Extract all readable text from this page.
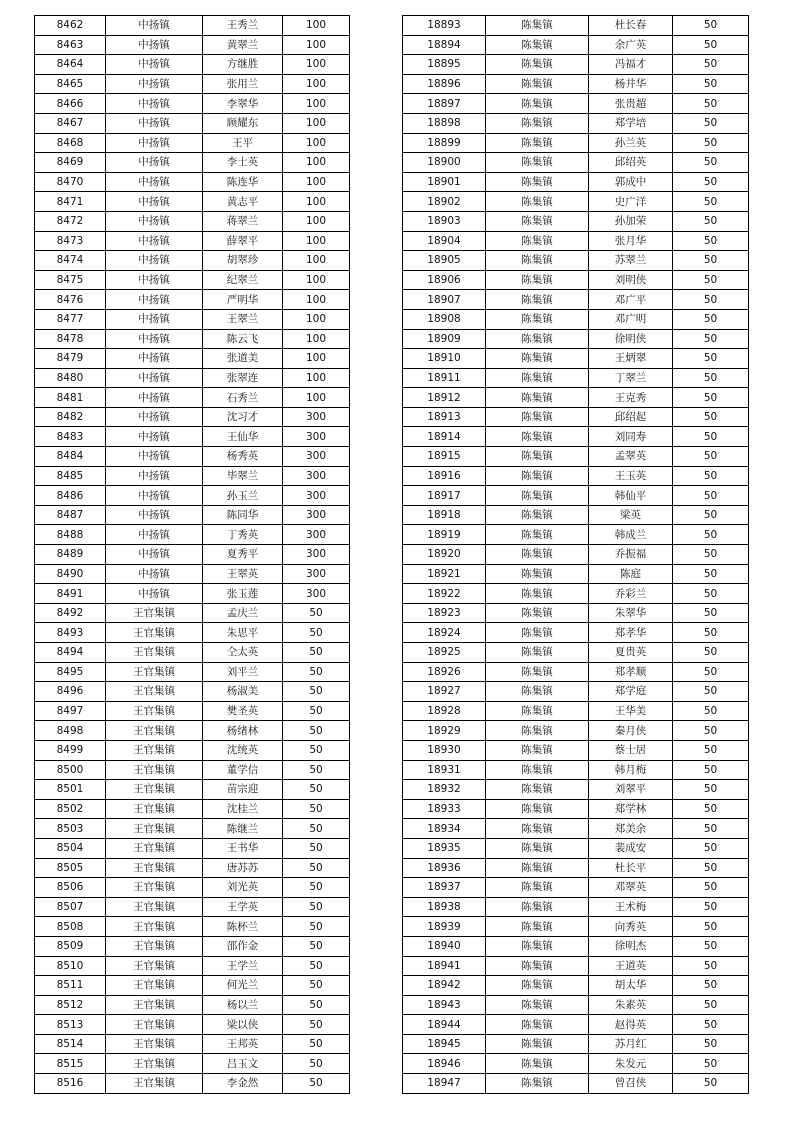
8462	中扬镇	王秀兰	100
8463	中扬镇	黄翠兰	100
8464	中扬镇	方继胜	100
8465	中扬镇	张用兰	100
8466	中扬镇	李翠华	100
8467	中扬镇	顾耀东	100
8468	中扬镇	王平	100
8469	中扬镇	李士英	100
8470	中扬镇	陈连华	100
8471	中扬镇	黄志平	100
8472	中扬镇	蒋翠兰	100
8473	中扬镇	薛翠平	100
8474	中扬镇	胡翠珍	100
8475	中扬镇	纪翠兰	100
8476	中扬镇	严明华	100
8477	中扬镇	王翠兰	100
8478	中扬镇	陈云飞	100
8479	中扬镇	张道美	100
8480	中扬镇	张翠连	100
8481	中扬镇	石秀兰	100
8482	中扬镇	沈习才	300
8483	中扬镇	王仙华	300
8484	中扬镇	杨秀英	300
8485	中扬镇	毕翠兰	300
8486	中扬镇	孙玉兰	300
8487	中扬镇	陈同华	300
8488	中扬镇	丁秀英	300
8489	中扬镇	夏秀平	300
8490	中扬镇	王翠英	300
8491	中扬镇	张玉莲	300
8492	王官集镇	孟庆兰	50
8493	王官集镇	朱思平	50
8494	王官集镇	仝太英	50
8495	王官集镇	刘平兰	50
8496	王官集镇	杨淑美	50
8497	王官集镇	樊圣英	50
8498	王官集镇	杨绪林	50
8499	王官集镇	沈统英	50
8500	王官集镇	董学信	50
8501	王官集镇	苗宗迎	50
8502	王官集镇	沈桂兰	50
8503	王官集镇	陈继兰	50
8504	王官集镇	王书华	50
8505	王官集镇	唐苏苏	50
8506	王官集镇	刘光英	50
8507	王官集镇	王学英	50
8508	王官集镇	陈杯兰	50
8509	王官集镇	邵作金	50
8510	王官集镇	王学兰	50
8511	王官集镇	何光兰	50
8512	王官集镇	杨以兰	50
8513	王官集镇	梁以侠	50
8514	王官集镇	王邦英	50
8515	王官集镇	吕玉文	50
8516	王官集镇	李金然	50
18893	陈集镇	杜长春	50
18894	陈集镇	余广英	50
18895	陈集镇	冯福才	50
18896	陈集镇	杨井华	50
18897	陈集镇	张贵超	50
18898	陈集镇	郑学培	50
18899	陈集镇	孙兰英	50
18900	陈集镇	邱绍英	50
18901	陈集镇	郭成中	50
18902	陈集镇	史广洋	50
18903	陈集镇	孙加荣	50
18904	陈集镇	张月华	50
18905	陈集镇	苏翠兰	50
18906	陈集镇	刘明侠	50
18907	陈集镇	邓广平	50
18908	陈集镇	邓广明	50
18909	陈集镇	徐明侠	50
18910	陈集镇	王炳翠	50
18911	陈集镇	丁翠兰	50
18912	陈集镇	王克秀	50
18913	陈集镇	邱绍起	50
18914	陈集镇	刘同寿	50
18915	陈集镇	孟翠英	50
18916	陈集镇	王玉英	50
18917	陈集镇	韩仙平	50
18918	陈集镇	梁英	50
18919	陈集镇	韩成兰	50
18920	陈集镇	乔振福	50
18921	陈集镇	陈庭	50
18922	陈集镇	乔彩兰	50
18923	陈集镇	朱翠华	50
18924	陈集镇	郑孝华	50
18925	陈集镇	夏贵英	50
18926	陈集镇	郑孝顺	50
18927	陈集镇	郑学庭	50
18928	陈集镇	王华美	50
18929	陈集镇	秦月侠	50
18930	陈集镇	蔡士居	50
18931	陈集镇	韩月梅	50
18932	陈集镇	刘翠平	50
18933	陈集镇	郑学林	50
18934	陈集镇	郑美余	50
18935	陈集镇	裴成安	50
18936	陈集镇	杜长平	50
18937	陈集镇	邓翠英	50
18938	陈集镇	王术梅	50
18939	陈集镇	向秀英	50
18940	陈集镇	徐明杰	50
18941	陈集镇	王道英	50
18942	陈集镇	胡太华	50
18943	陈集镇	朱素英	50
18944	陈集镇	赵得英	50
18945	陈集镇	苏月红	50
18946	陈集镇	朱发元	50
18947	陈集镇	曾召侠	50
